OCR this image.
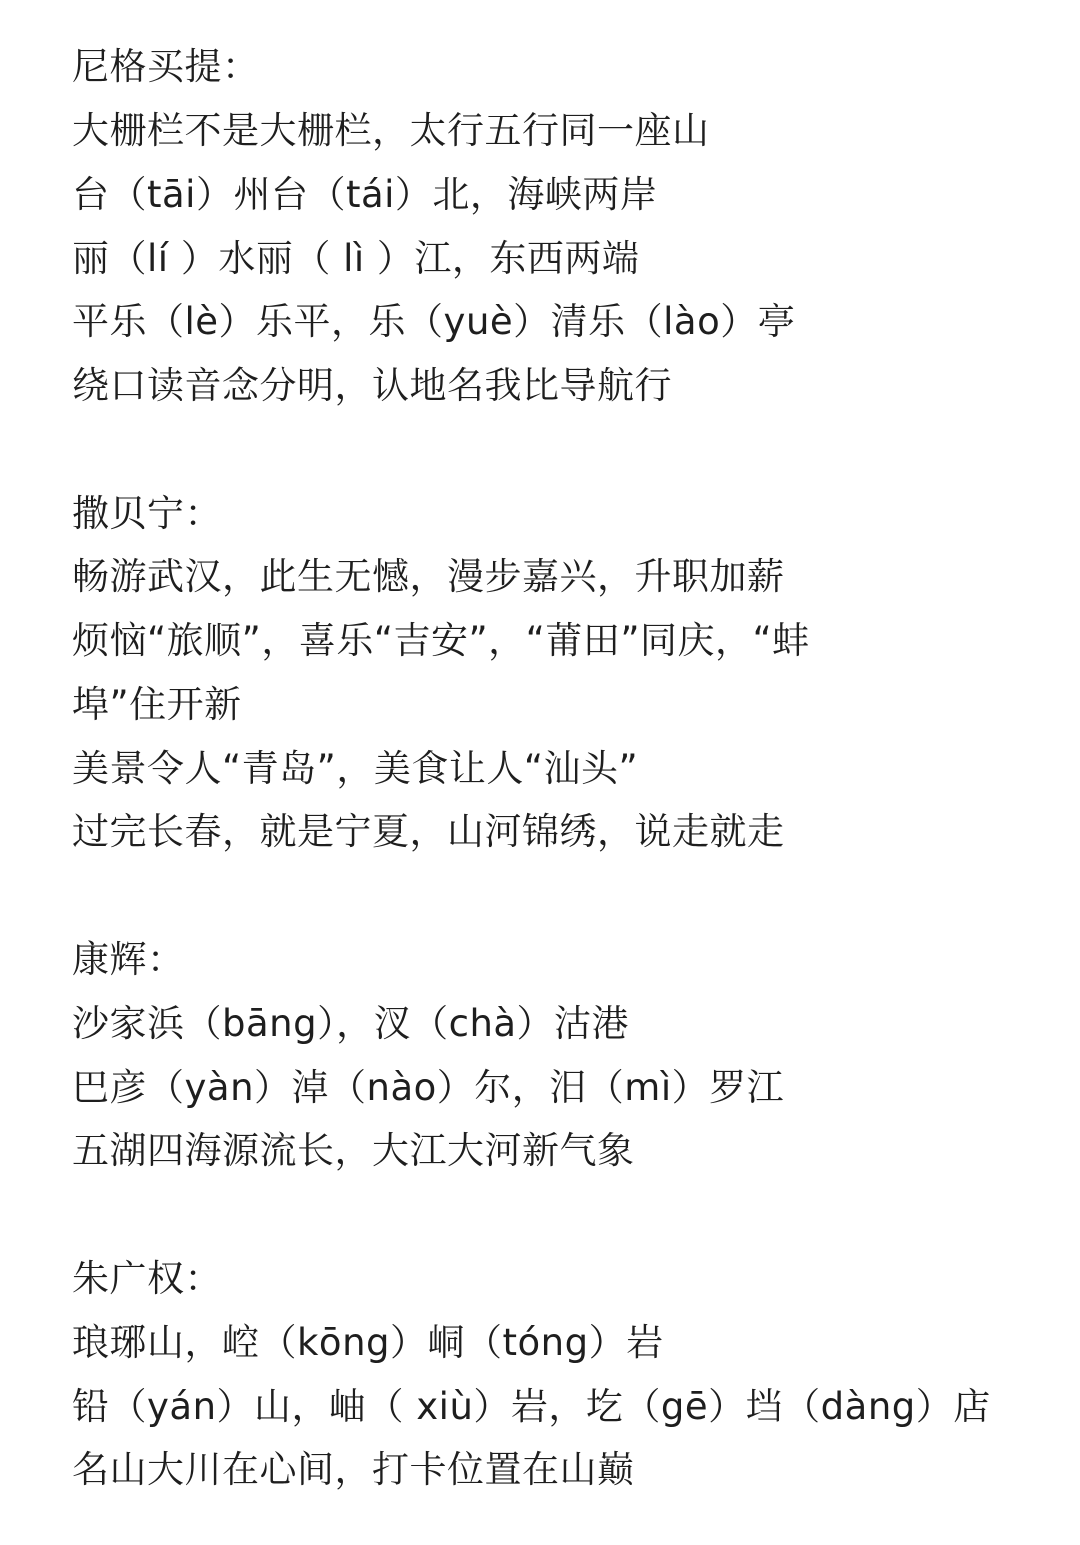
尼格买提：
大栅栏不是大栅栏，太行五行同一座山
台（tāi）州台（tái）北，海峡两岸
丽（lí ）水丽（ lì ）江，东西两端
平乐（lè）乐平，乐（yuè）清乐（lào）亭
绕口读音念分明，认地名我比导航行
撒贝宁：
畅游武汉，此生无憾，漫步嘉兴，升职加薪
烦恼“旅顺”，喜乐“吉安”，“莆田”同庆，“蚌
埠”住开新
美景令人“青岛”，美食让人“汕头”
过完长春，就是宁夏，山河锦绣，说走就走
康辉：
沙家浜（bāng），汊（chà）沽港
巴彦（yàn）淖（nào）尔，汨（mì）罗江
五湖四海源流长，大江大河新气象
朱广权：
琅琊山，崆（kōng）峒（tóng）岩
铅（yán）山，岫（ xiù）岩，圪（gē）垱（dàng）店
名山大川在心间，打卡位置在山巅
